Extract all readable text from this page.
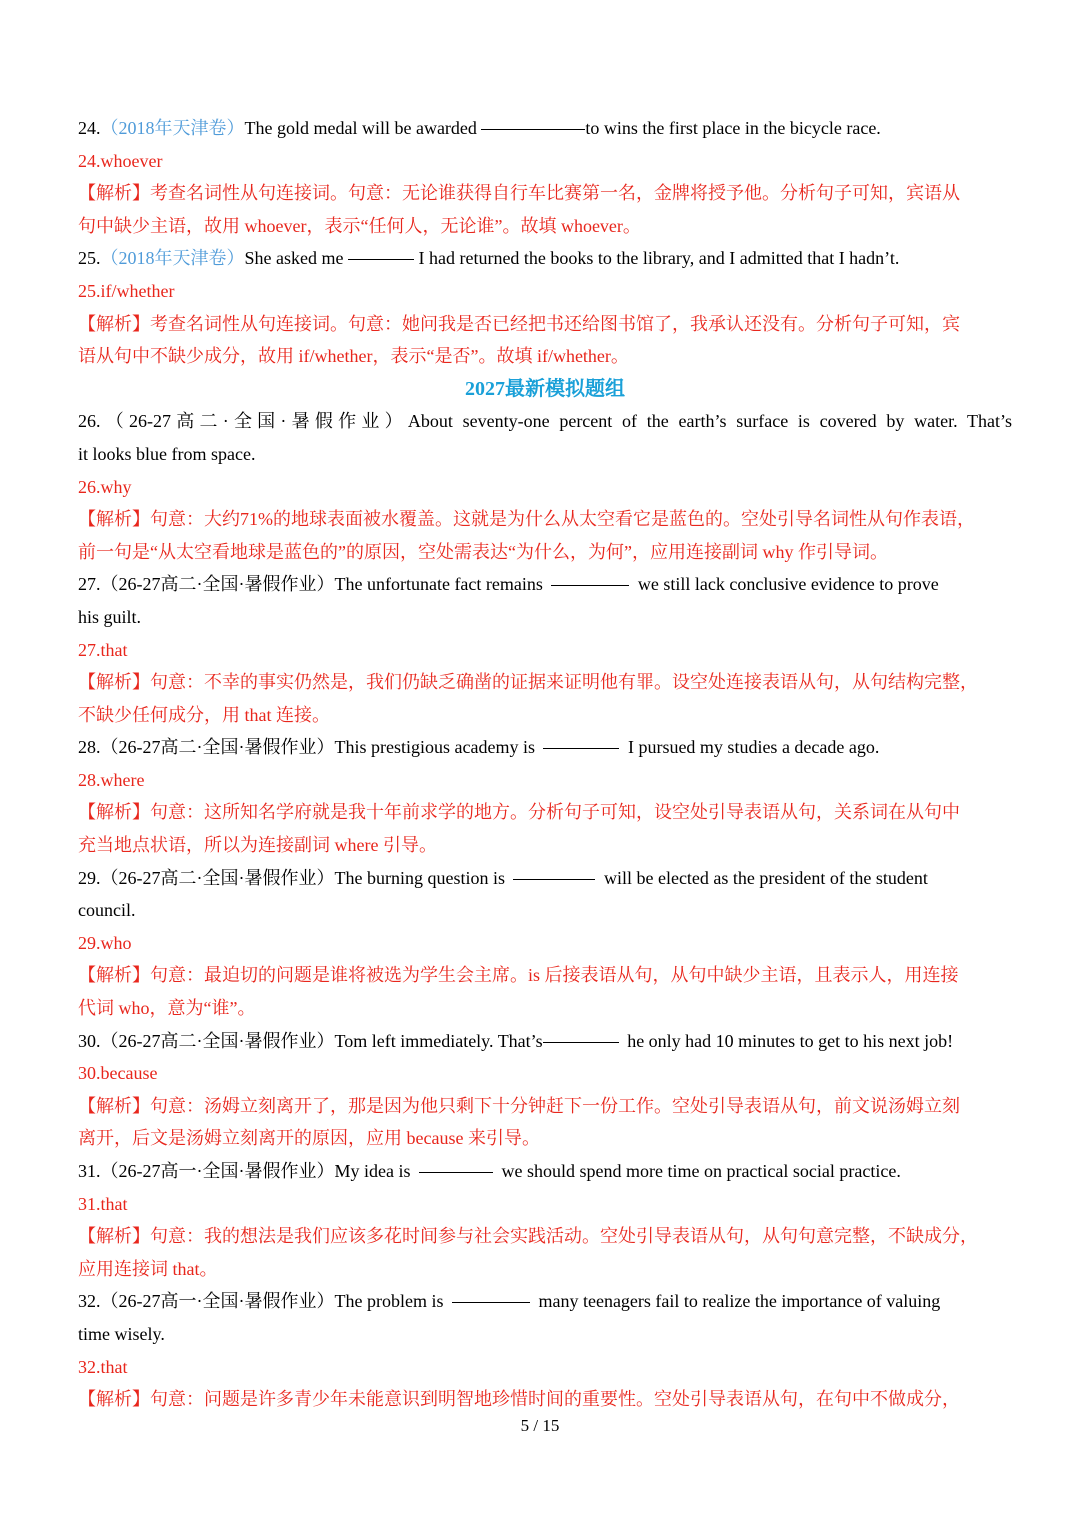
24.（2018年天津卷）The gold medal will be awarded	to wins the first place in the bicycle race.
24.whoever
【解析】考查名词性从句连接词。句意：无论谁获得自行车比赛第一名，金牌将授予他。分析句子可知，宾语从
句中缺少主语，故用 whoever，表示“任何人，无论谁”。故填 whoever。
25.（2018年天津卷）She asked me	I had returned the books to the library, and I admitted that I hadn’t.
25.if/whether
【解析】考查名词性从句连接词。句意：她问我是否已经把书还给图书馆了，我承认还没有。分析句子可知，宾
语从句中不缺少成分，故用 if/whether，表示“是否”。故填 if/whether。
2027最新模拟题组
26.（26-27高二·全国·暑假作业）About seventy-one percent of the earth’s surface is covered by water. That’s
it looks blue from space.
26.why
【解析】句意：大约71%的地球表面被水覆盖。这就是为什么从太空看它是蓝色的。空处引导名词性从句作表语，
前一句是“从太空看地球是蓝色的”的原因，空处需表达“为什么，为何”，应用连接副词 why 作引导词。
27.（26-27高二·全国·暑假作业）The unfortunate fact remains	we still lack conclusive evidence to prove
his guilt.
27.that
【解析】句意：不幸的事实仍然是，我们仍缺乏确凿的证据来证明他有罪。设空处连接表语从句，从句结构完整，
不缺少任何成分，用 that 连接。
28.（26-27高二·全国·暑假作业）This prestigious academy is	I pursued my studies a decade ago.
28.where
【解析】句意：这所知名学府就是我十年前求学的地方。分析句子可知，设空处引导表语从句，关系词在从句中
充当地点状语，所以为连接副词 where 引导。
29.（26-27高二·全国·暑假作业）The burning question is	will be elected as the president of the student
council.
29.who
【解析】句意：最迫切的问题是谁将被选为学生会主席。is 后接表语从句，从句中缺少主语，且表示人，用连接
代词 who，意为“谁”。
30.（26-27高二·全国·暑假作业）Tom left immediately. That’s	he only had 10 minutes to get to his next job!
30.because
【解析】句意：汤姆立刻离开了，那是因为他只剩下十分钟赶下一份工作。空处引导表语从句，前文说汤姆立刻
离开，后文是汤姆立刻离开的原因，应用 because 来引导。
31.（26-27高一·全国·暑假作业）My idea is	we should spend more time on practical social practice.
31.that
【解析】句意：我的想法是我们应该多花时间参与社会实践活动。空处引导表语从句，从句句意完整，不缺成分，
应用连接词 that。
32.（26-27高一·全国·暑假作业）The problem is	many teenagers fail to realize the importance of valuing
time wisely.
32.that
【解析】句意：问题是许多青少年未能意识到明智地珍惜时间的重要性。空处引导表语从句，在句中不做成分，
5 / 15
